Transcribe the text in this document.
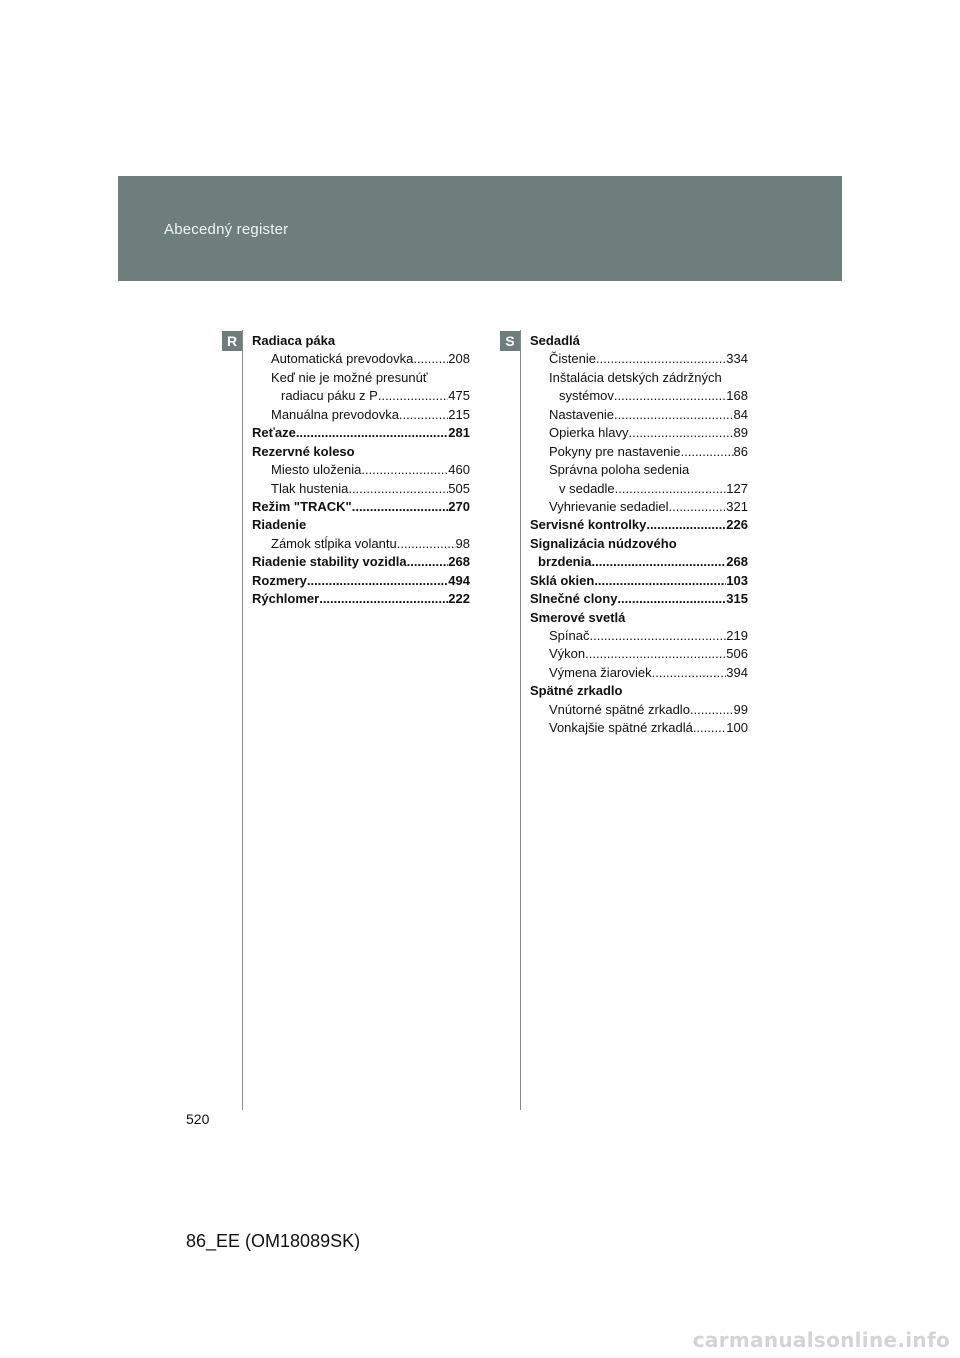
Abecedný register
R	S
Radiaca páka
Automatická prevodovka .....	208
Keď nie je možné presunúť
radiacu páku z P .....	475
Manuálna prevodovka .....	215
Reťaze .....	281
Rezervné koleso
Miesto uloženia .....	460
Tlak hustenia .....	505
Režim "TRACK" .....	270
Riadenie
Zámok stĺpika volantu .....	98
Riadenie stability vozidla .....	268
Rozmery .....	494
Rýchlomer .....	222
Sedadlá
Čistenie .....	334
Inštalácia detských zádržných
systémov .....	168
Nastavenie .....	84
Opierka hlavy .....	89
Pokyny pre nastavenie .....	86
Správna poloha sedenia
v sedadle .....	127
Vyhrievanie sedadiel .....	321
Servisné kontrolky .....	226
Signalizácia núdzového
brzdenia .....	268
Sklá okien .....	103
Slnečné clony .....	315
Smerové svetlá
Spínač .....	219
Výkon .....	506
Výmena žiaroviek .....	394
Spätné zrkadlo
Vnútorné spätné zrkadlo .....	99
Vonkajšie spätné zrkadlá .....	100
520
86_EE (OM18089SK)
carmanualsonline.info
